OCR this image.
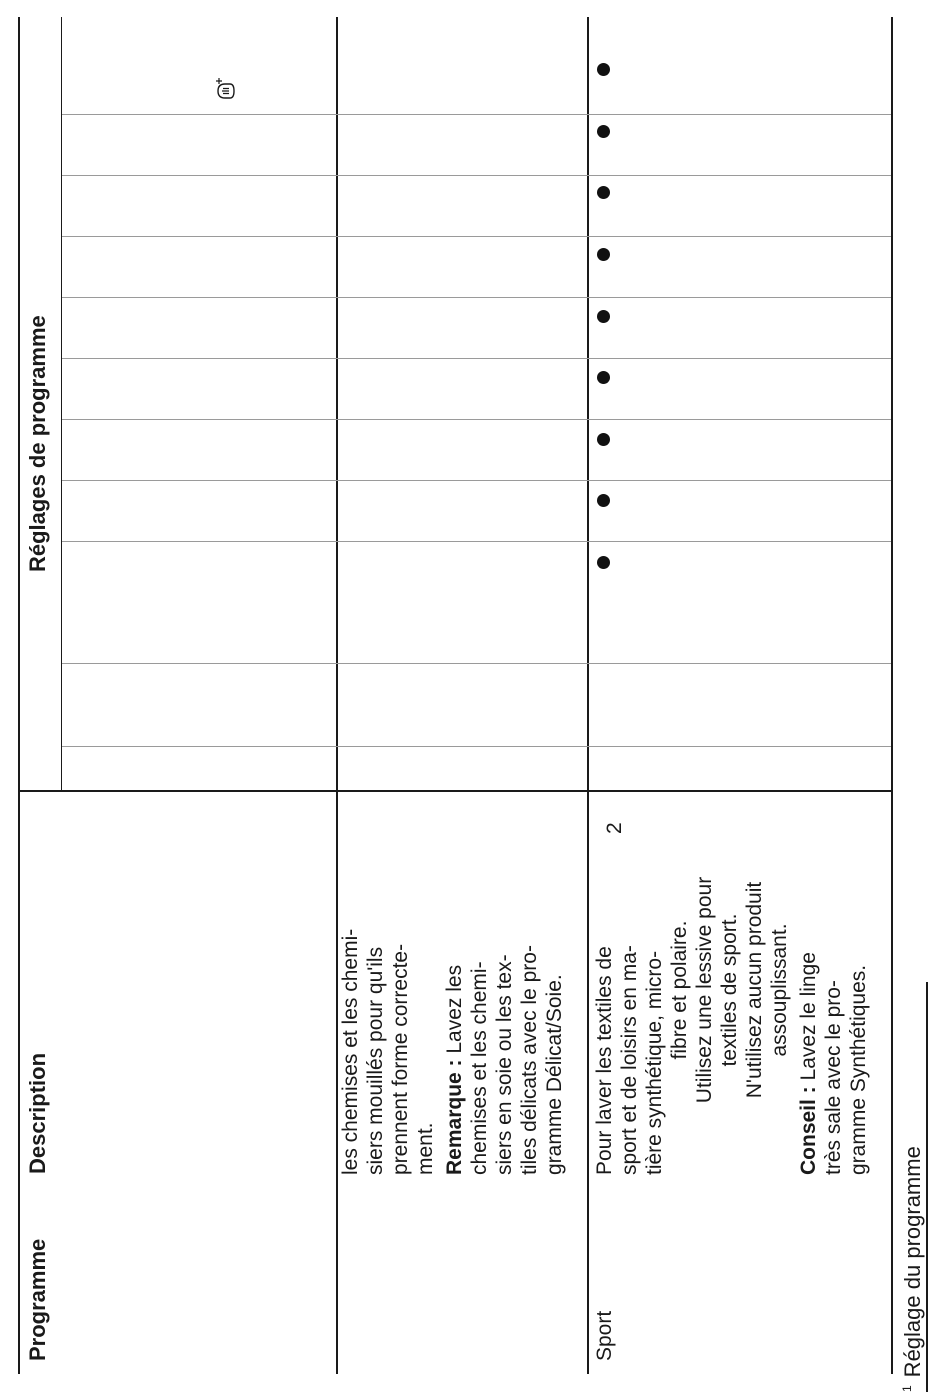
Programme
Description
Réglages de programme

les chemises et les chemi- siers mouillés pour qu'ils prennent forme correcte- ment. Remarque : Lavez les chemises et les chemi- siers en soie ou les tex- tiles délicats avec le pro- gramme Délicat/Soie.

Sport

Pour laver les textiles de sport et de loisirs en ma- tière synthétique, micro- fibre et polaire. Utilisez une lessive pour textiles de sport. N'utilisez aucun produit assouplissant.

Conseil : Lavez le linge très sale avec le pro- gramme Synthétiques.

2
$^1$Réglage du programme
